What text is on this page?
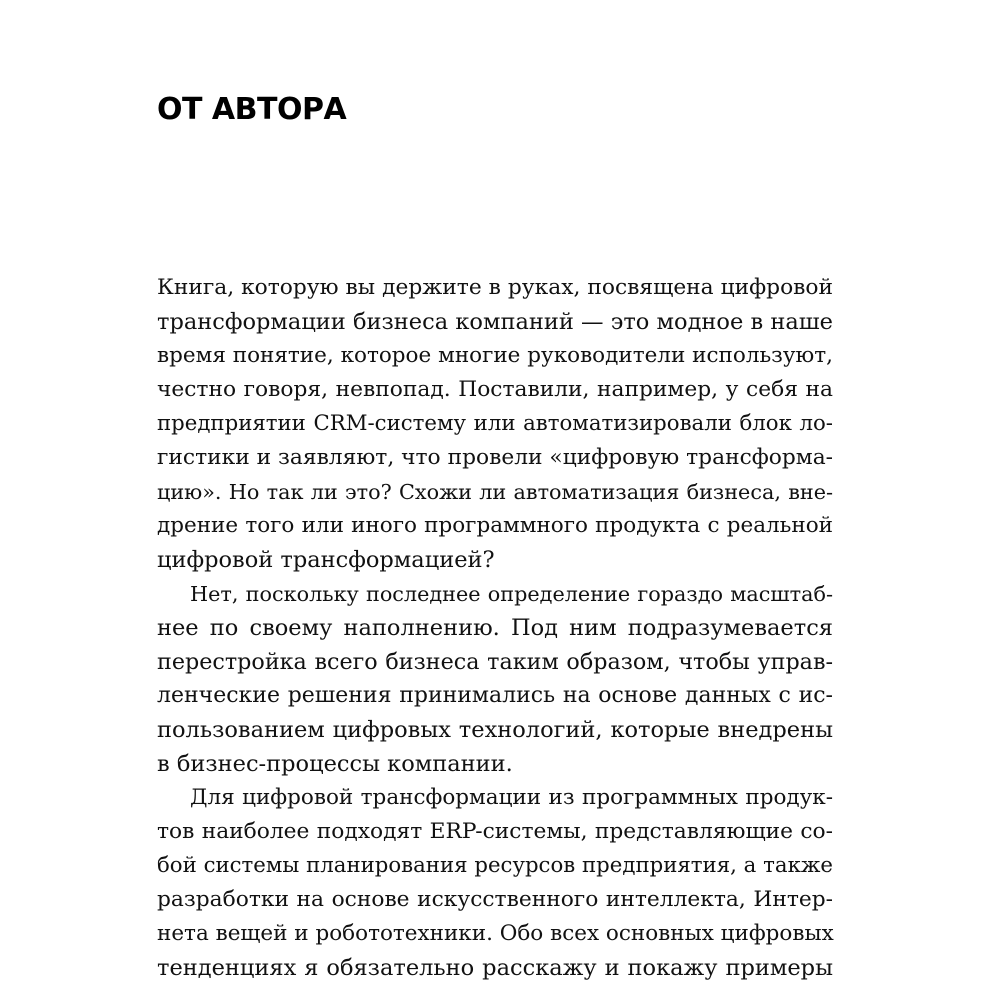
ОТ АВТОРА
Книга, которую вы держите в руках, посвящена цифровой
трансформации бизнеса компаний — это модное в наше
время понятие, которое многие руководители используют,
честно говоря, невпопад. Поставили, например, у себя на
предприятии CRM-систему или автоматизировали блок ло-
гистики и заявляют, что провели «цифровую трансформа-
цию». Но так ли это? Схожи ли автоматизация бизнеса, вне-
дрение того или иного программного продукта с реальной
цифровой трансформацией?
Нет, поскольку последнее определение гораздо масштаб-
нее по своему наполнению. Под ним подразумевается
перестройка всего бизнеса таким образом, чтобы управ-
ленческие решения принимались на основе данных с ис-
пользованием цифровых технологий, которые внедрены
в бизнес-процессы компании.
Для цифровой трансформации из программных продук-
тов наиболее подходят ERP-системы, представляющие со-
бой системы планирования ресурсов предприятия, а также
разработки на основе искусственного интеллекта, Интер-
нета вещей и робототехники. Обо всех основных цифровых
тенденциях я обязательно расскажу и покажу примеры
